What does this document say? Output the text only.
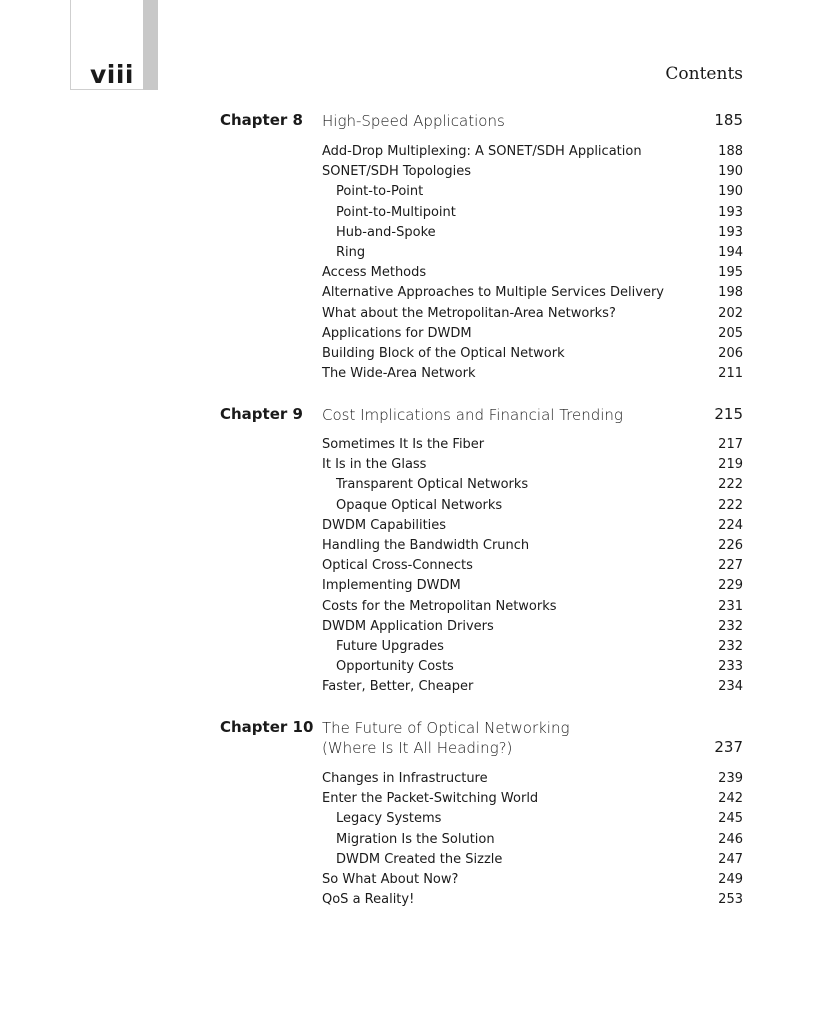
viii	Contents
Chapter 8 High-Speed Applications	185
Add-Drop Multiplexing: A SONET/SDH Application	188
SONET/SDH Topologies	190
Point-to-Point	190
Point-to-Multipoint	193
Hub-and-Spoke	193
Ring	194
Access Methods	195
Alternative Approaches to Multiple Services Delivery	198
What about the Metropolitan-Area Networks?	202
Applications for DWDM	205
Building Block of the Optical Network	206
The Wide-Area Network	211
Chapter 9 Cost Implications and Financial Trending	215
Sometimes It Is the Fiber	217
It Is in the Glass	219
Transparent Optical Networks	222
Opaque Optical Networks	222
DWDM Capabilities	224
Handling the Bandwidth Crunch	226
Optical Cross-Connects	227
Implementing DWDM	229
Costs for the Metropolitan Networks	231
DWDM Application Drivers	232
Future Upgrades	232
Opportunity Costs	233
Faster, Better, Cheaper	234
Chapter 10 The Future of Optical Networking
(Where Is It All Heading?)	237
Changes in Infrastructure	239
Enter the Packet-Switching World	242
Legacy Systems	245
Migration Is the Solution	246
DWDM Created the Sizzle	247
So What About Now?	249
QoS a Reality!	253
